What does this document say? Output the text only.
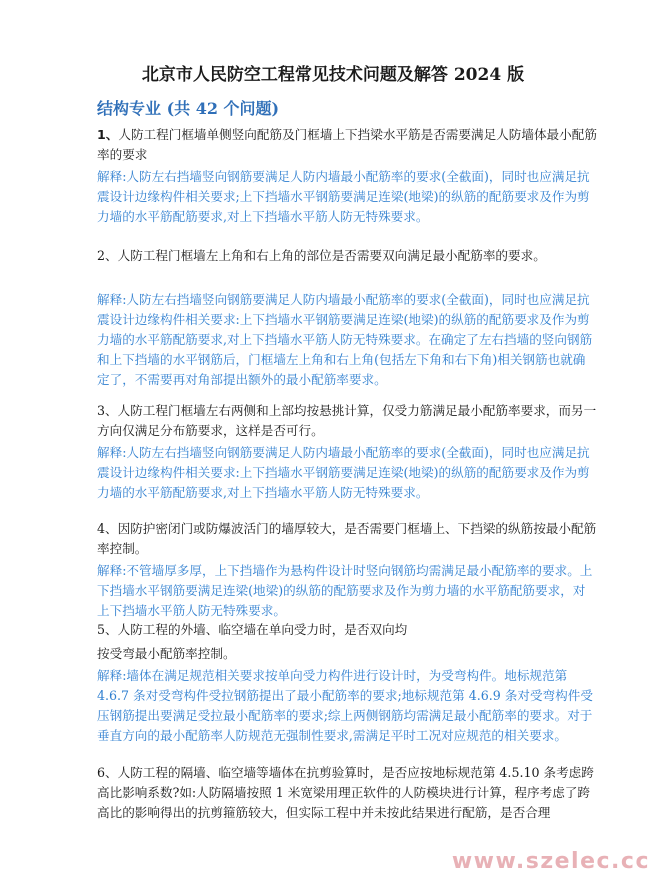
北京市人民防空工程常见技术问题及解答 2024 版
结构专业 (共 42 个问题)

1、人防工程门框墙单侧竖向配筋及门框墙上下挡梁水平筋是否需要满足人防墙体最小配筋率的要求

解释:人防左右挡墙竖向钢筋要满足人防内墙最小配筋率的要求(全截面)，同时也应满足抗震设计边缘构件相关要求;上下挡墙水平钢筋要满足连梁(地梁)的纵筋的配筋要求及作为剪力墙的水平筋配筋要求,对上下挡墙水平筋人防无特殊要求。

2、人防工程门框墙左上角和右上角的部位是否需要双向满足最小配筋率的要求。

解释:人防左右挡墙竖向钢筋要满足人防内墙最小配筋率的要求(全截面)，同时也应满足抗震设计边缘构件相关要求:上下挡墙水平钢筋要满足连梁(地梁)的纵筋的配筋要求及作为剪力墙的水平筋配筋要求,对上下挡墙水平筋人防无特殊要求。在确定了左右挡墙的竖向钢筋和上下挡墙的水平钢筋后，门框墙左上角和右上角(包括左下角和右下角)相关钢筋也就确定了，不需要再对角部提出额外的最小配筋率要求。

3、人防工程门框墙左右两侧和上部均按悬挑计算，仅受力筋满足最小配筋率要求，而另一方向仅满足分布筋要求，这样是否可行。

解释:人防左右挡墙竖向钢筋要满足人防内墙最小配筋率的要求(全截面)，同时也应满足抗震设计边缘构件相关要求:上下挡墙水平钢筋要满足连梁(地梁)的纵筋的配筋要求及作为剪力墙的水平筋配筋要求,对上下挡墙水平筋人防无特殊要求。

4、因防护密闭门或防爆波活门的墙厚较大，是否需要门框墙上、下挡梁的纵筋按最小配筋率控制。

解释:不管墙厚多厚，上下挡墙作为悬构件设计时竖向钢筋均需满足最小配筋率的要求。上下挡墙水平钢筋要满足连梁(地梁)的纵筋的配筋要求及作为剪力墙的水平筋配筋要求，对上下挡墙水平筋人防无特殊要求。

5、人防工程的外墙、临空墙在单向受力时，是否双向均

按受弯最小配筋率控制。

解释:墙体在满足规范相关要求按单向受力构件进行设计时，为受弯构件。地标规范第 4.6.7 条对受弯构件受拉钢筋提出了最小配筋率的要求;地标规范第 4.6.9 条对受弯构件受压钢筋提出要满足受拉最小配筋率的要求;综上两侧钢筋均需满足最小配筋率的要求。对于垂直方向的最小配筋率人防规范无强制性要求,需满足平时工况对应规范的相关要求。

6、人防工程的隔墙、临空墙等墙体在抗剪验算时，是否应按地标规范第 4.5.10 条考虑跨高比影响系数?如:人防隔墙按照 1 米宽梁用理正软件的人防模块进行计算，程序考虑了跨高比的影响得出的抗剪箍筋较大，但实际工程中并未按此结果进行配筋，是否合理

www.szelec.cc
